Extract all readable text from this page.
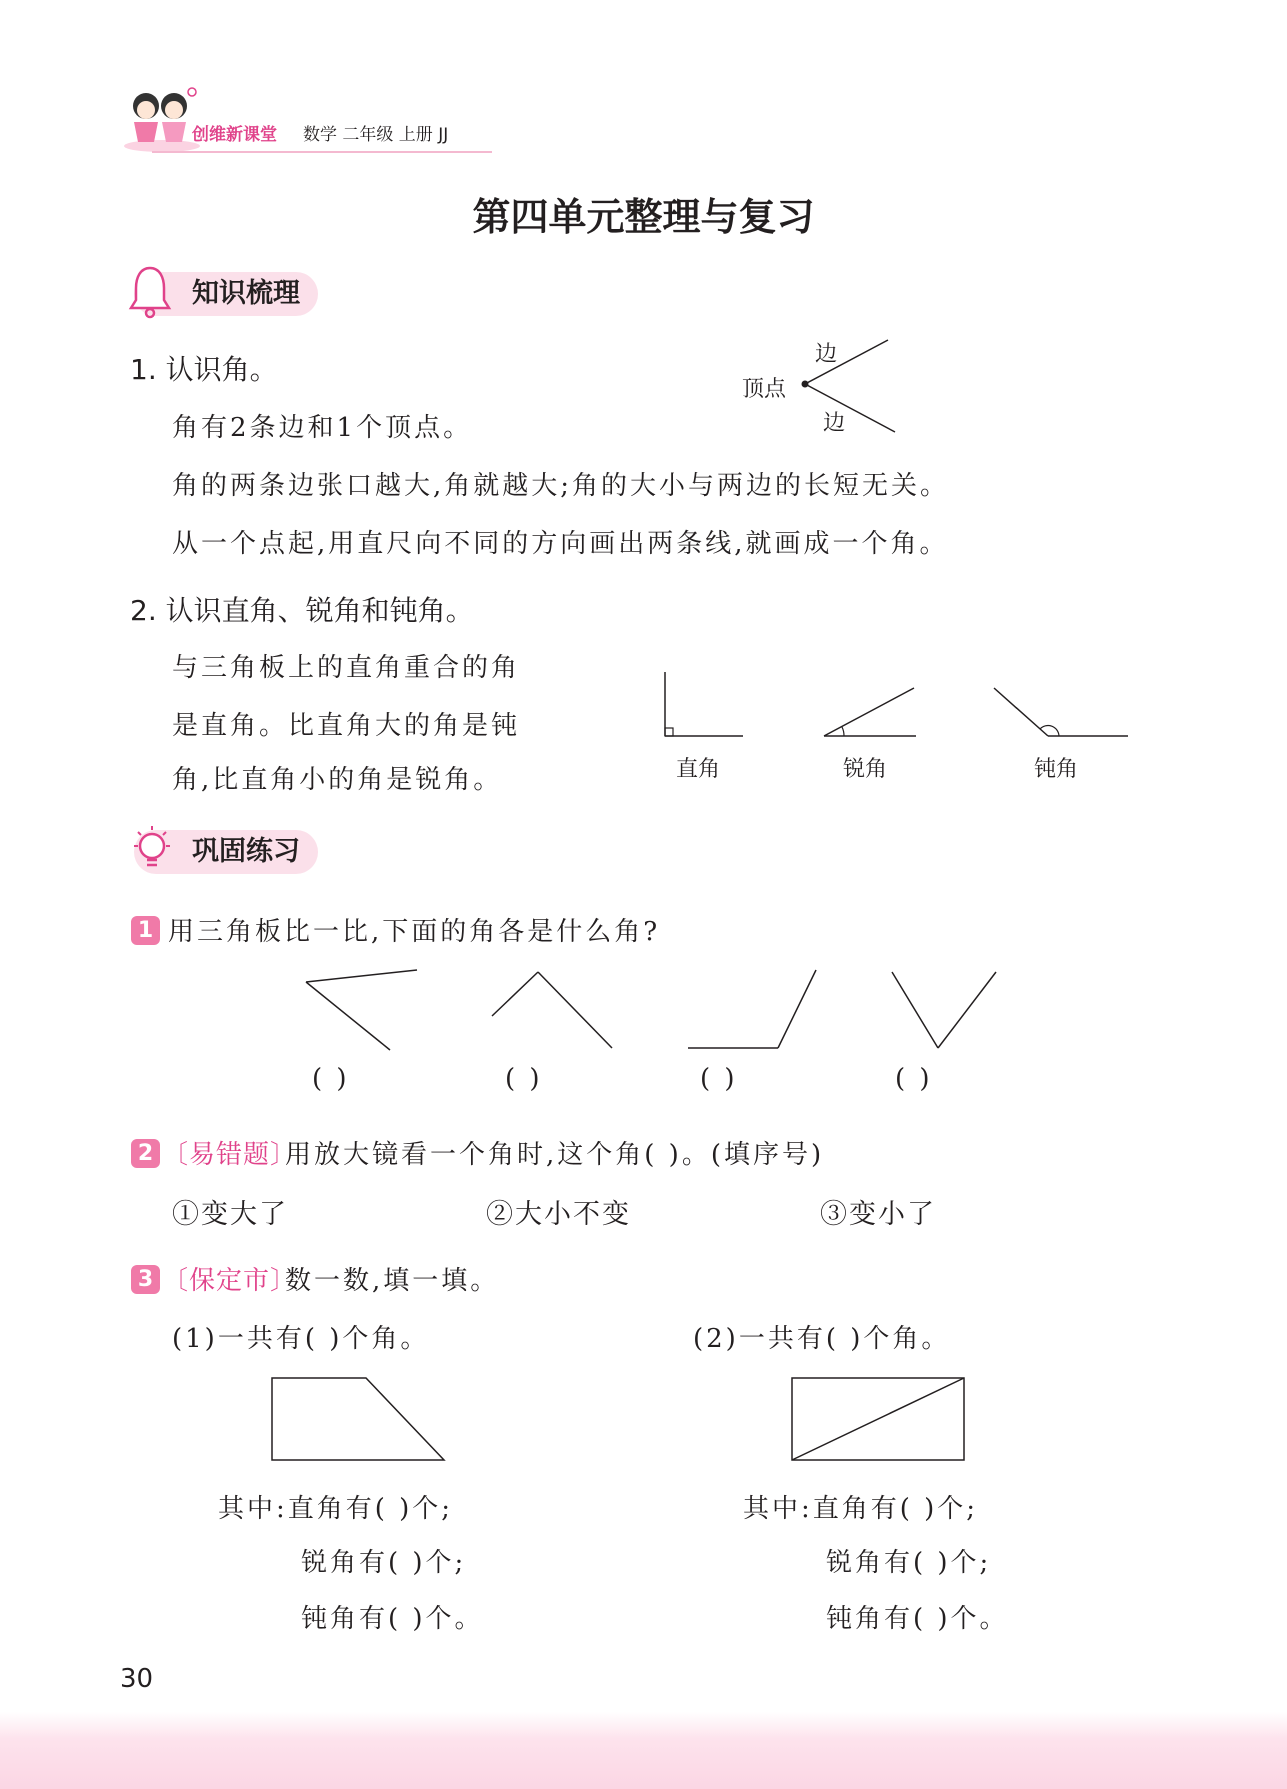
创维新课堂 数学 二年级 上册 JJ
第四单元整理与复习
知识梳理
1. 认识角。
角有2条边和1个顶点。
角的两条边张口越大,角就越大;角的大小与两边的长短无关。
从一个点起,用直尺向不同的方向画出两条线,就画成一个角。
顶点
边
边
2. 认识直角、锐角和钝角。
与三角板上的直角重合的角
是直角。比直角大的角是钝
角,比直角小的角是锐角。	直角	锐角	钝角
巩固练习
1 用三角板比一比,下面的角各是什么角?
( )	( )	( )	( )
2 〔易错题〕
用放大镜看一个角时,这个角( )。(填序号)
①变大了	②大小不变	③变小了
3 〔保定市〕
数一数,填一填。
(1)一共有( )个角。	(2)一共有( )个角。
其中:直角有( )个;
锐角有( )个;
钝角有( )个。
其中:直角有( )个;
锐角有( )个;
钝角有( )个。
30
